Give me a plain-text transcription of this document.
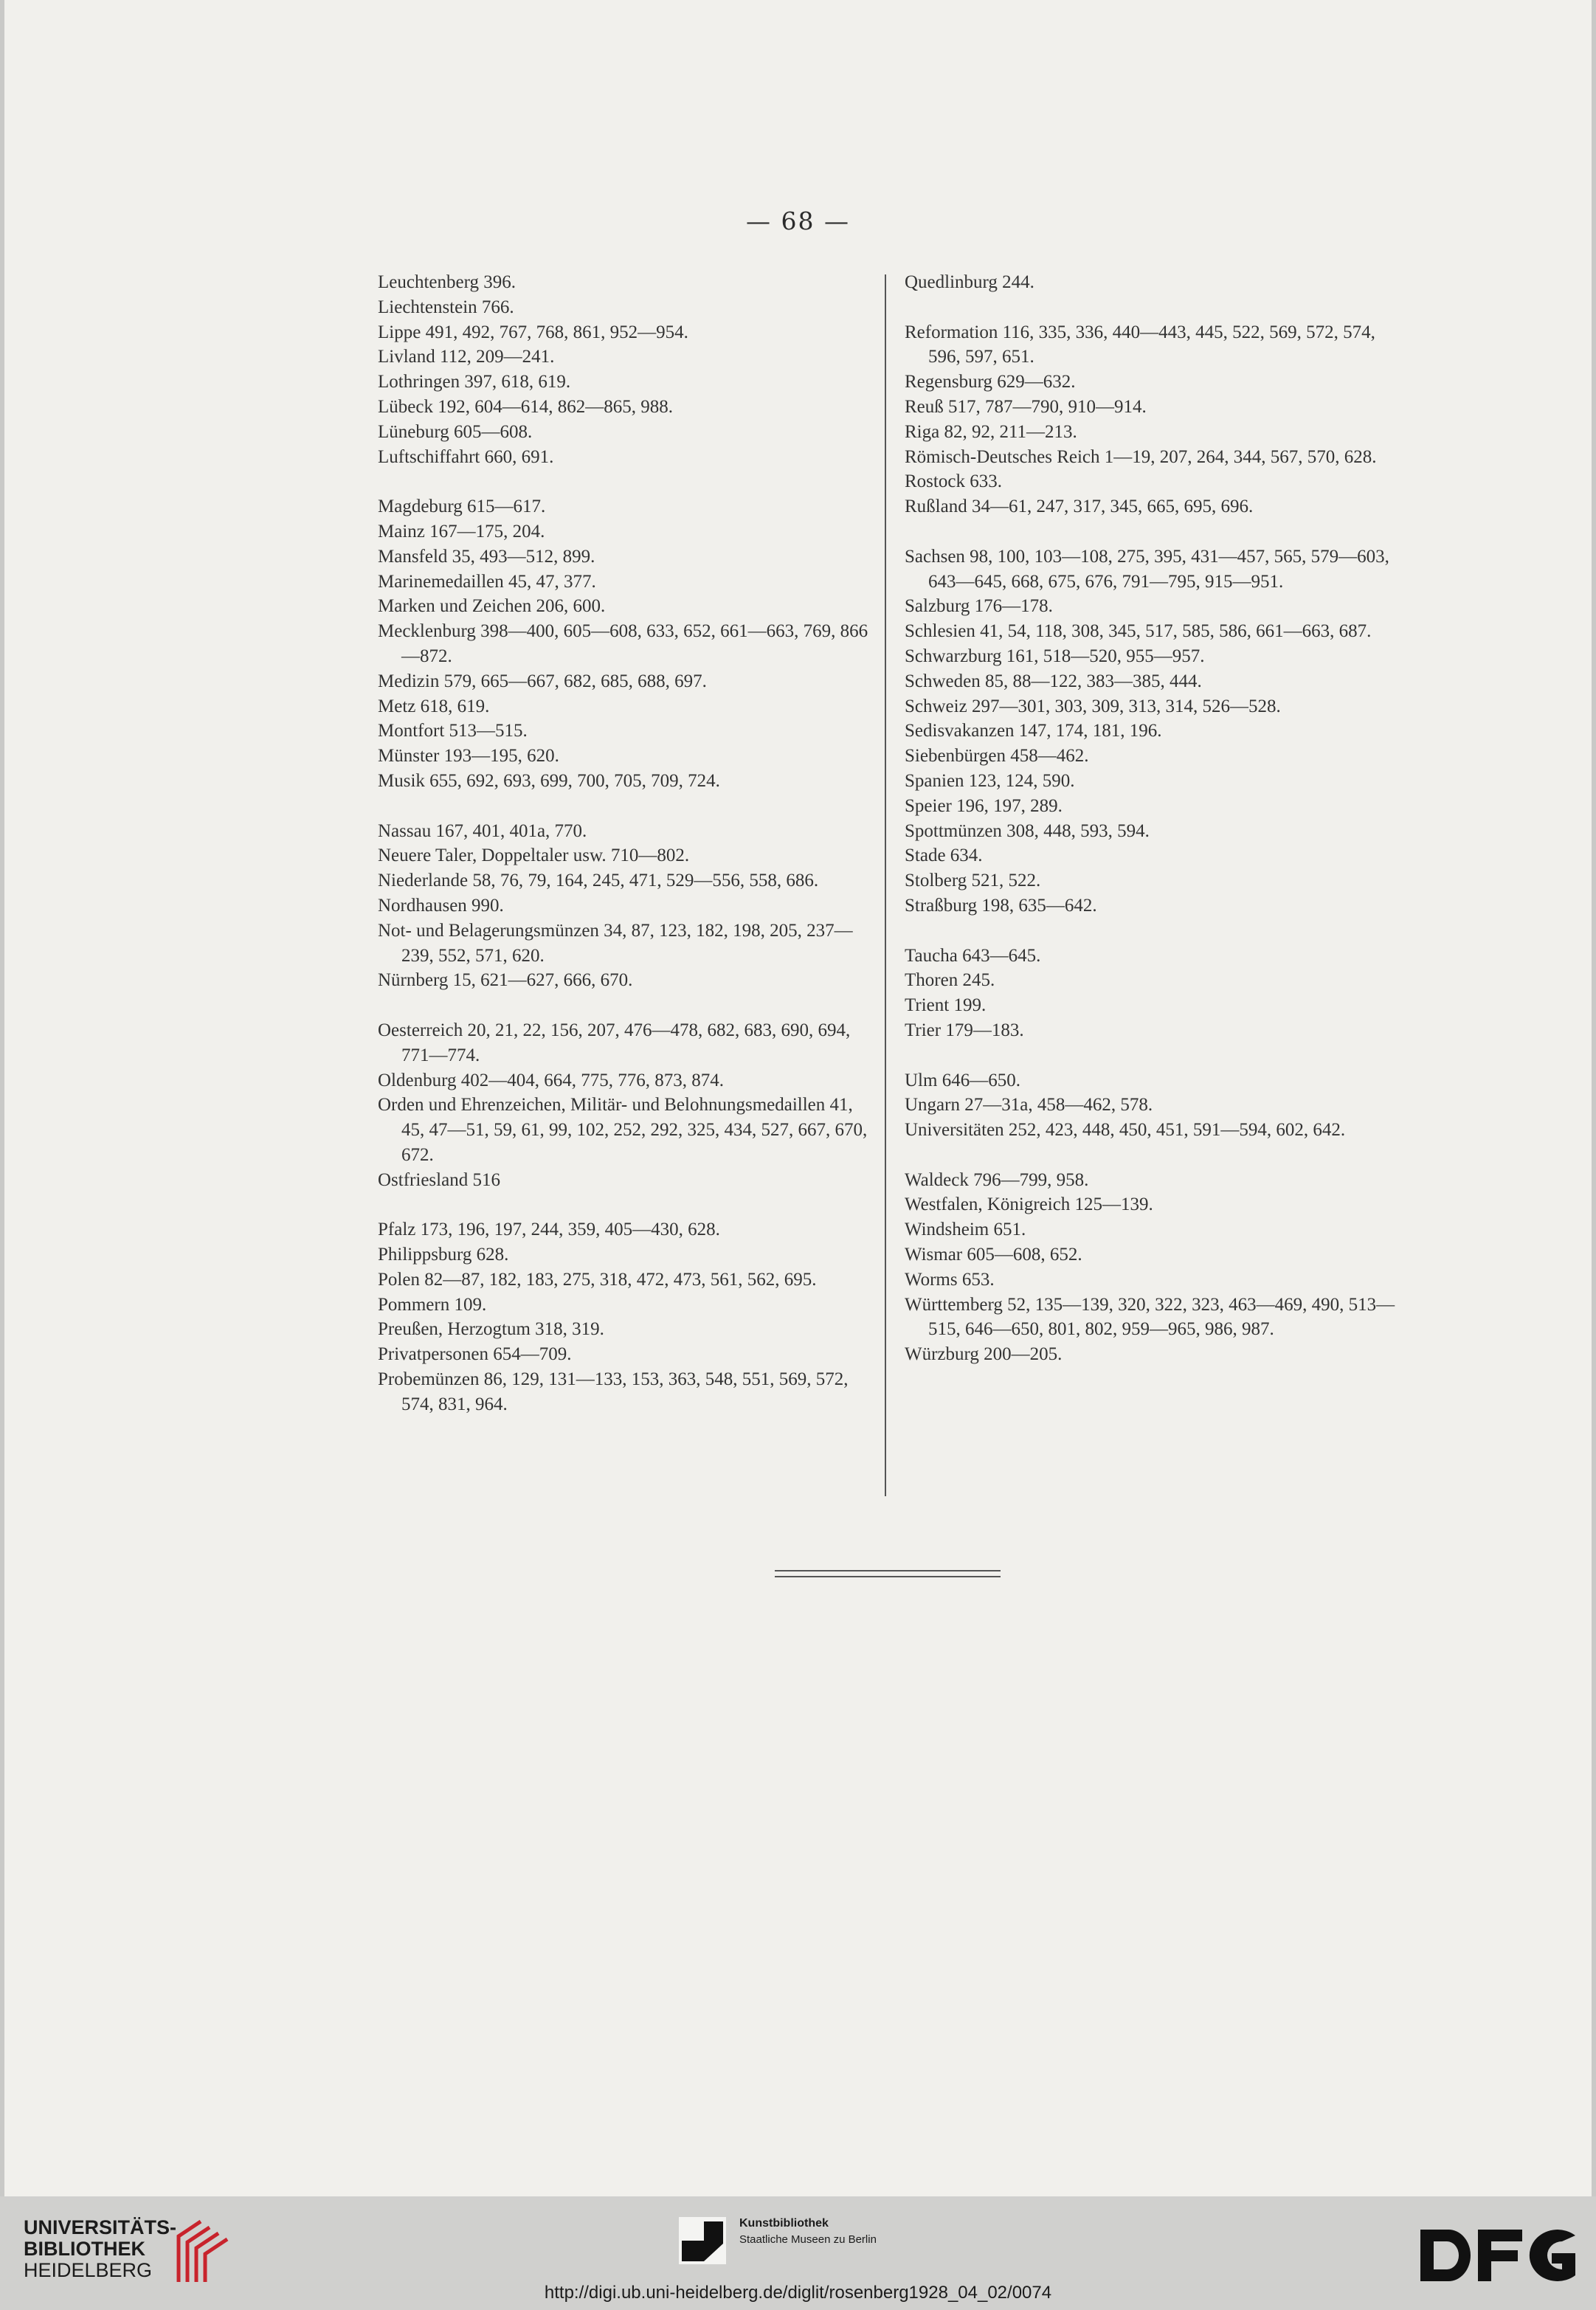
— 68 —
Leuchtenberg 396.
Liechtenstein 766.
Lippe 491, 492, 767, 768, 861, 952—954.
Livland 112, 209—241.
Lothringen 397, 618, 619.
Lübeck 192, 604—614, 862—865, 988.
Lüneburg 605—608.
Luftschiffahrt 660, 691.
Magdeburg 615—617.
Mainz 167—175, 204.
Mansfeld 35, 493—512, 899.
Marinemedaillen 45, 47, 377.
Marken und Zeichen 206, 600.
Mecklenburg 398—400, 605—608, 633, 652, 661—663, 769, 866—872.
Medizin 579, 665—667, 682, 685, 688, 697.
Metz 618, 619.
Montfort 513—515.
Münster 193—195, 620.
Musik 655, 692, 693, 699, 700, 705, 709, 724.
Nassau 167, 401, 401a, 770.
Neuere Taler, Doppeltaler usw. 710—802.
Niederlande 58, 76, 79, 164, 245, 471, 529—556, 558, 686.
Nordhausen 990.
Not- und Belagerungsmünzen 34, 87, 123, 182, 198, 205, 237—239, 552, 571, 620.
Nürnberg 15, 621—627, 666, 670.
Oesterreich 20, 21, 22, 156, 207, 476—478, 682, 683, 690, 694, 771—774.
Oldenburg 402—404, 664, 775, 776, 873, 874.
Orden und Ehrenzeichen, Militär- und Belohnungsmedaillen 41, 45, 47—51, 59, 61, 99, 102, 252, 292, 325, 434, 527, 667, 670, 672.
Ostfriesland 516
Pfalz 173, 196, 197, 244, 359, 405—430, 628.
Philippsburg 628.
Polen 82—87, 182, 183, 275, 318, 472, 473, 561, 562, 695.
Pommern 109.
Preußen, Herzogtum 318, 319.
Privatpersonen 654—709.
Probemünzen 86, 129, 131—133, 153, 363, 548, 551, 569, 572, 574, 831, 964.
Quedlinburg 244.
Reformation 116, 335, 336, 440—443, 445, 522, 569, 572, 574, 596, 597, 651.
Regensburg 629—632.
Reuß 517, 787—790, 910—914.
Riga 82, 92, 211—213.
Römisch-Deutsches Reich 1—19, 207, 264, 344, 567, 570, 628.
Rostock 633.
Rußland 34—61, 247, 317, 345, 665, 695, 696.
Sachsen 98, 100, 103—108, 275, 395, 431—457, 565, 579—603, 643—645, 668, 675, 676, 791—795, 915—951.
Salzburg 176—178.
Schlesien 41, 54, 118, 308, 345, 517, 585, 586, 661—663, 687.
Schwarzburg 161, 518—520, 955—957.
Schweden 85, 88—122, 383—385, 444.
Schweiz 297—301, 303, 309, 313, 314, 526—528.
Sedisvakanzen 147, 174, 181, 196.
Siebenbürgen 458—462.
Spanien 123, 124, 590.
Speier 196, 197, 289.
Spottmünzen 308, 448, 593, 594.
Stade 634.
Stolberg 521, 522.
Straßburg 198, 635—642.
Taucha 643—645.
Thoren 245.
Trient 199.
Trier 179—183.
Ulm 646—650.
Ungarn 27—31a, 458—462, 578.
Universitäten 252, 423, 448, 450, 451, 591—594, 602, 642.
Waldeck 796—799, 958.
Westfalen, Königreich 125—139.
Windsheim 651.
Wismar 605—608, 652.
Worms 653.
Württemberg 52, 135—139, 320, 322, 323, 463—469, 490, 513—515, 646—650, 801, 802, 959—965, 986, 987.
Würzburg 200—205.
UNIVERSITÄTS-
BIBLIOTHEK
HEIDELBERG
Kunstbibliothek
Staatliche Museen zu Berlin
http://digi.ub.uni-heidelberg.de/diglit/rosenberg1928_04_02/0074
